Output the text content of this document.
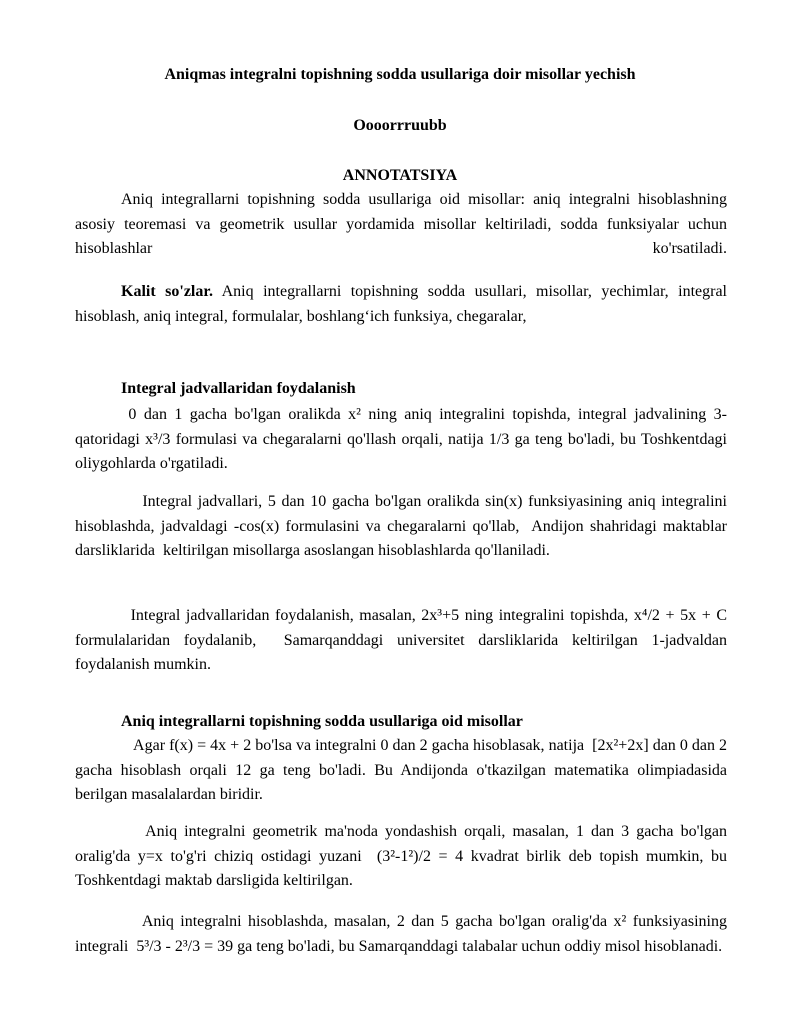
Aniqmas integralni topishning sodda usullariga doir misollar yechish
Oooorrruubb
ANNOTATSIYA
Aniq integrallarni topishning sodda usullariga oid misollar: aniq integralni hisoblashning asosiy teoremasi va geometrik usullar yordamida misollar keltiriladi, sodda funksiyalar uchun hisoblashlar ko'rsatiladi.
Kalit so'zlar. Aniq integrallarni topishning sodda usullari, misollar, yechimlar, integral hisoblash, aniq integral, formulalar, boshlang‘ich funksiya, chegaralar,
Integral jadvallaridan foydalanish
0 dan 1 gacha bo'lgan oralikda x² ning aniq integralini topishda, integral jadvalining 3-qatoridagi x³/3 formulasi va chegaralarni qo'llash orqali, natija 1/3 ga teng bo'ladi, bu Toshkentdagi oliygohlarda o'rgatiladi.
Integral jadvallari, 5 dan 10 gacha bo'lgan oralikda sin(x) funksiyasining aniq integralini hisoblashda, jadvaldagi -cos(x) formulasini va chegaralarni qo'llab,  Andijon shahridagi maktablar darsliklarida  keltirilgan misollarga asoslangan hisoblashlarda qo'llaniladi.
Integral jadvallaridan foydalanish, masalan, 2x³+5 ning integralini topishda, x⁴/2 + 5x + C formulalaridan foydalanib,  Samarqanddagi universitet darsliklarida keltirilgan 1-jadvaldan foydalanish mumkin.
Aniq integrallarni topishning sodda usullariga oid misollar
Agar f(x) = 4x + 2 bo'lsa va integralni 0 dan 2 gacha hisoblasak, natija  [2x²+2x] dan 0 dan 2 gacha hisoblash orqali 12 ga teng bo'ladi. Bu Andijonda o'tkazilgan matematika olimpiadasida berilgan masalalardan biridir.
Aniq integralni geometrik ma'noda yondashish orqali, masalan, 1 dan 3 gacha bo'lgan oralig'da y=x to'g'ri chiziq ostidagi yuzani  (3²-1²)/2 = 4 kvadrat birlik deb topish mumkin, bu Toshkentdagi maktab darsligida keltirilgan.
Aniq integralni hisoblashda, masalan, 2 dan 5 gacha bo'lgan oralig'da x² funksiyasining integrali  5³/3 - 2³/3 = 39 ga teng bo'ladi, bu Samarqanddagi talabalar uchun oddiy misol hisoblanadi.
